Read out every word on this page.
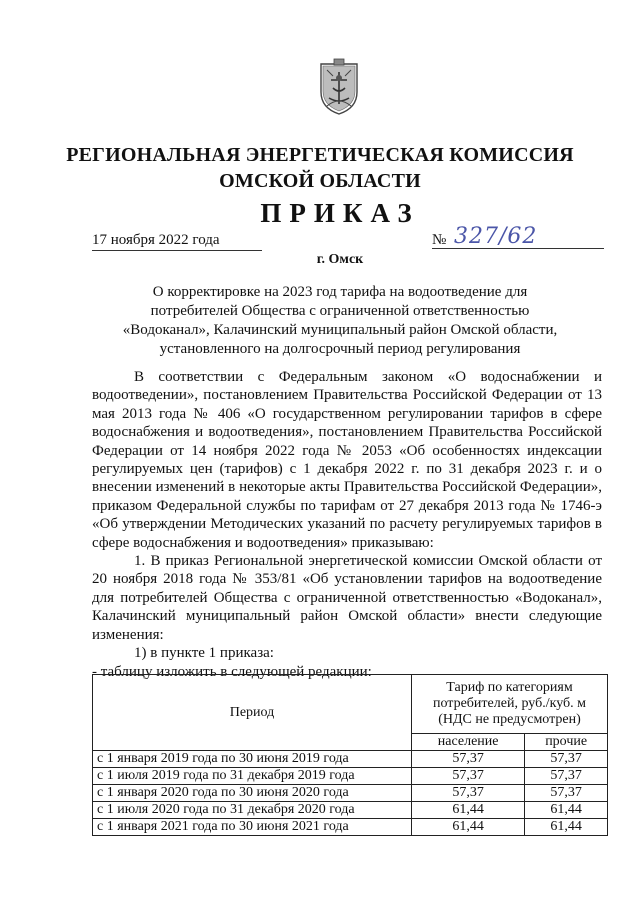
РЕГИОНАЛЬНАЯ ЭНЕРГЕТИЧЕСКАЯ КОМИССИЯ
ОМСКОЙ ОБЛАСТИ
ПРИКАЗ
17 ноября 2022 года	№ 327/62
г. Омск
О корректировке на 2023 год тарифа на водоотведение для
потребителей Общества с ограниченной ответственностью
«Водоканал», Калачинский муниципальный район Омской области,
установленного на долгосрочный период регулирования

В соответствии с Федеральным законом «О водоснабжении и водоотведении», постановлением Правительства Российской Федерации от 13 мая 2013 года № 406 «О государственном регулировании тарифов в сфере водоснабжения и водоотведения», постановлением Правительства Российской Федерации от 14 ноября 2022 года № 2053 «Об особенностях индексации регулируемых цен (тарифов) с 1 декабря 2022 г. по 31 декабря 2023 г. и о внесении изменений в некоторые акты Правительства Российской Федерации», приказом Федеральной службы по тарифам от 27 декабря 2013 года № 1746-э «Об утверждении Методических указаний по расчету регулируемых тарифов в сфере водоснабжения и водоотведения» приказываю:

1. В приказ Региональной энергетической комиссии Омской области от 20 ноября 2018 года № 353/81 «Об установлении тарифов на водоотведение для потребителей Общества с ограниченной ответственностью «Водоканал», Калачинский муниципальный район Омской области» внести следующие изменения:

1) в пункте 1 приказа:

- таблицу изложить в следующей редакции:

Период	Тариф по категориям потребителей, руб./куб. м (НДС не предусмотрен)	
	население	прочие
с 1 января 2019 года по 30 июня 2019 года	57,37	57,37
с 1 июля 2019 года по 31 декабря 2019 года	57,37	57,37
с 1 января 2020 года по 30 июня 2020 года	57,37	57,37
с 1 июля 2020 года по 31 декабря 2020 года	61,44	61,44
с 1 января 2021 года по 30 июня 2021 года	61,44	61,44
